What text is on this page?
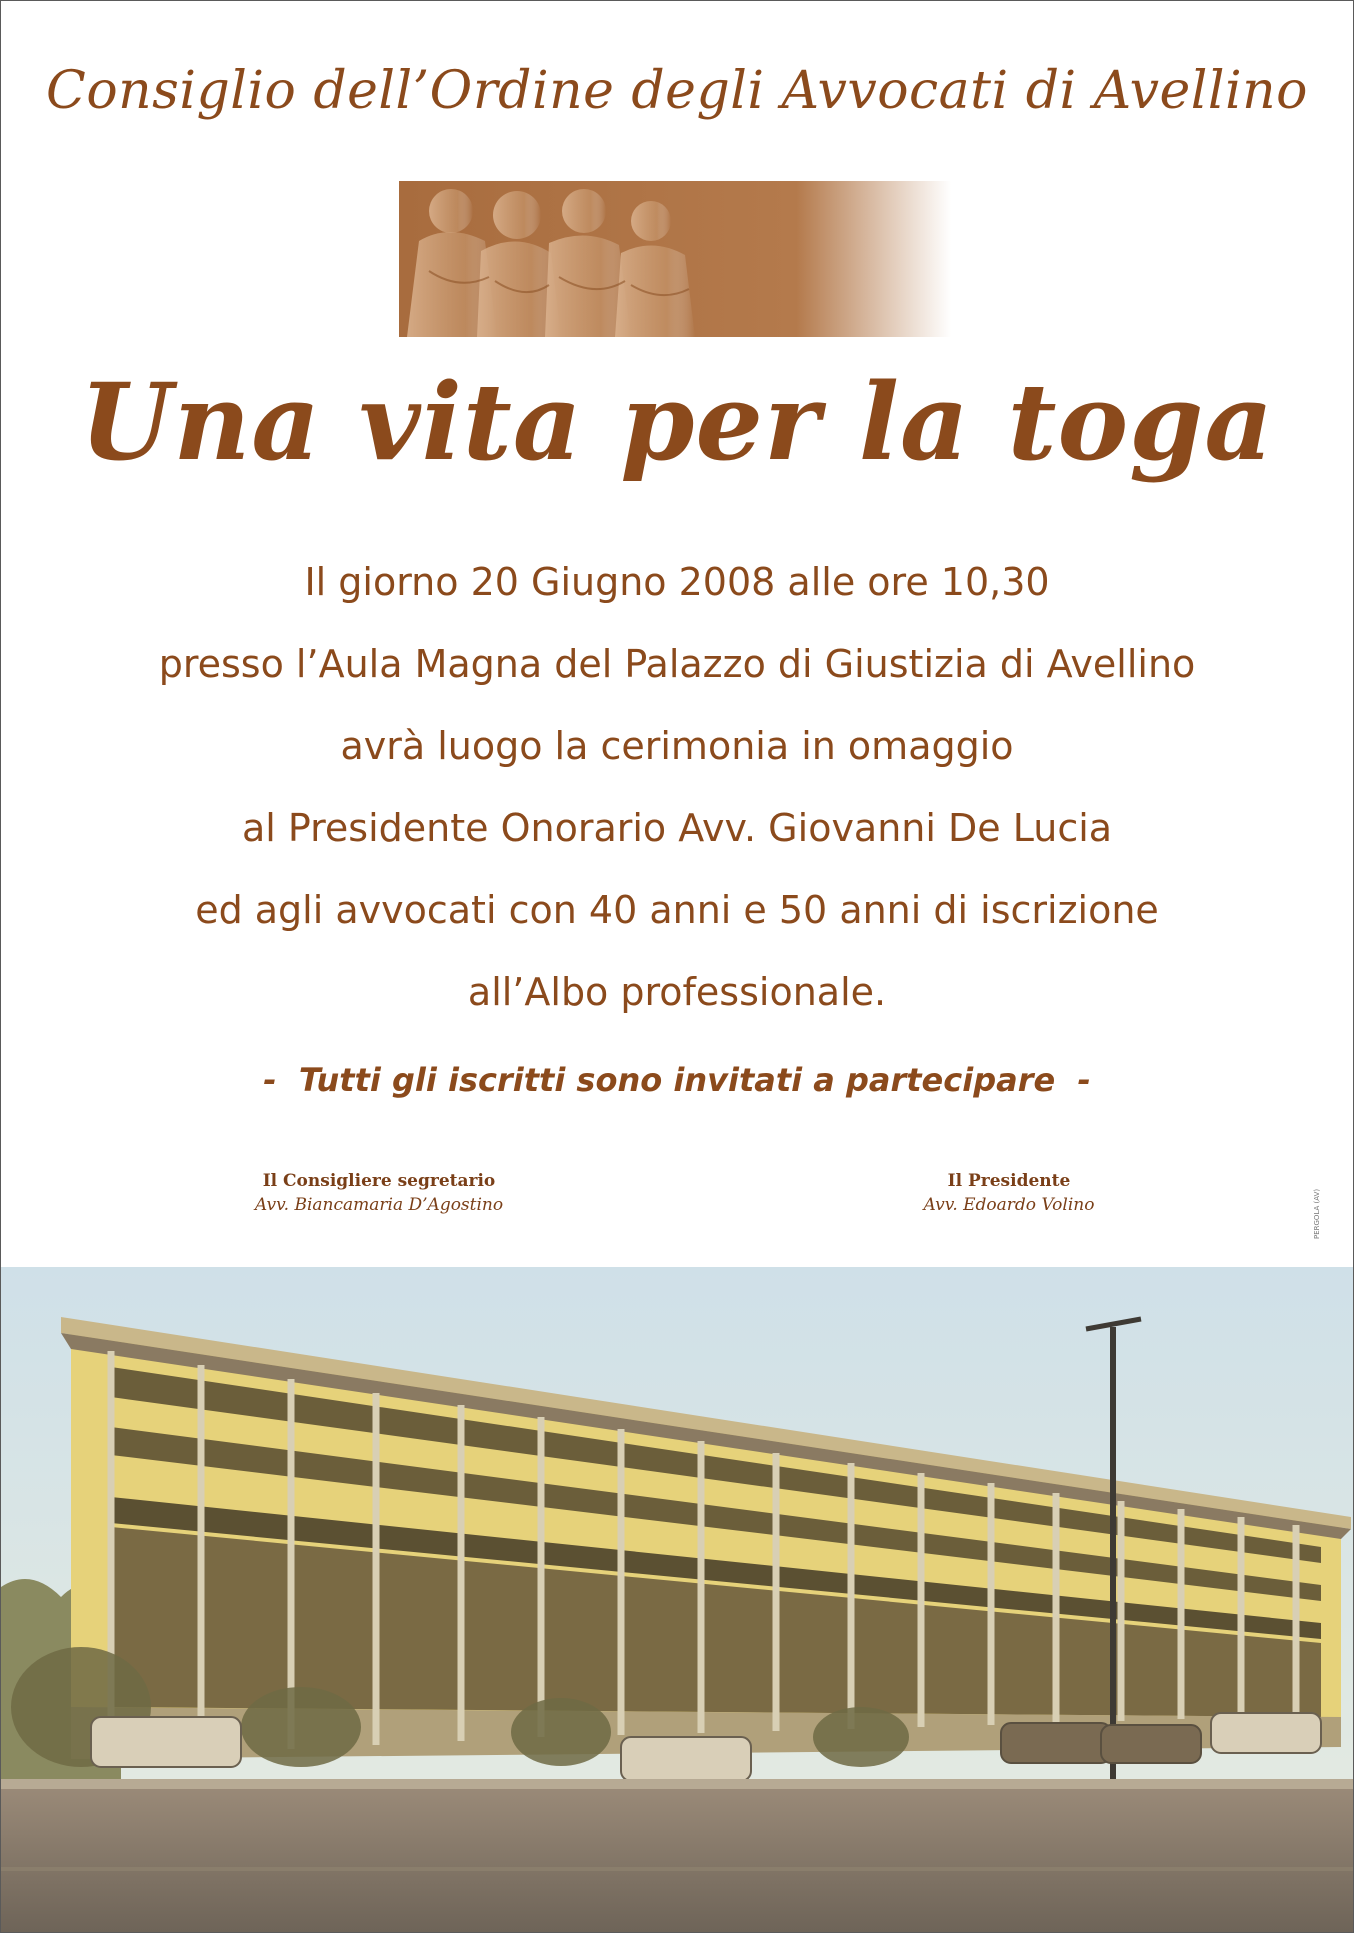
Consiglio dell’Ordine degli Avvocati di Avellino
Una vita per la toga
Il giorno 20 Giugno 2008 alle ore 10,30
presso l’Aula Magna del Palazzo di Giustizia di Avellino
avrà luogo la cerimonia in omaggio
al Presidente Onorario Avv. Giovanni De Lucia
ed agli avvocati con 40 anni e 50 anni di iscrizione
all’Albo professionale.
-  Tutti gli iscritti sono invitati a partecipare  -
Il Consigliere segretario
Avv. Biancamaria D’Agostino
Il Presidente
Avv. Edoardo Volino	PERGOLA (AV)
